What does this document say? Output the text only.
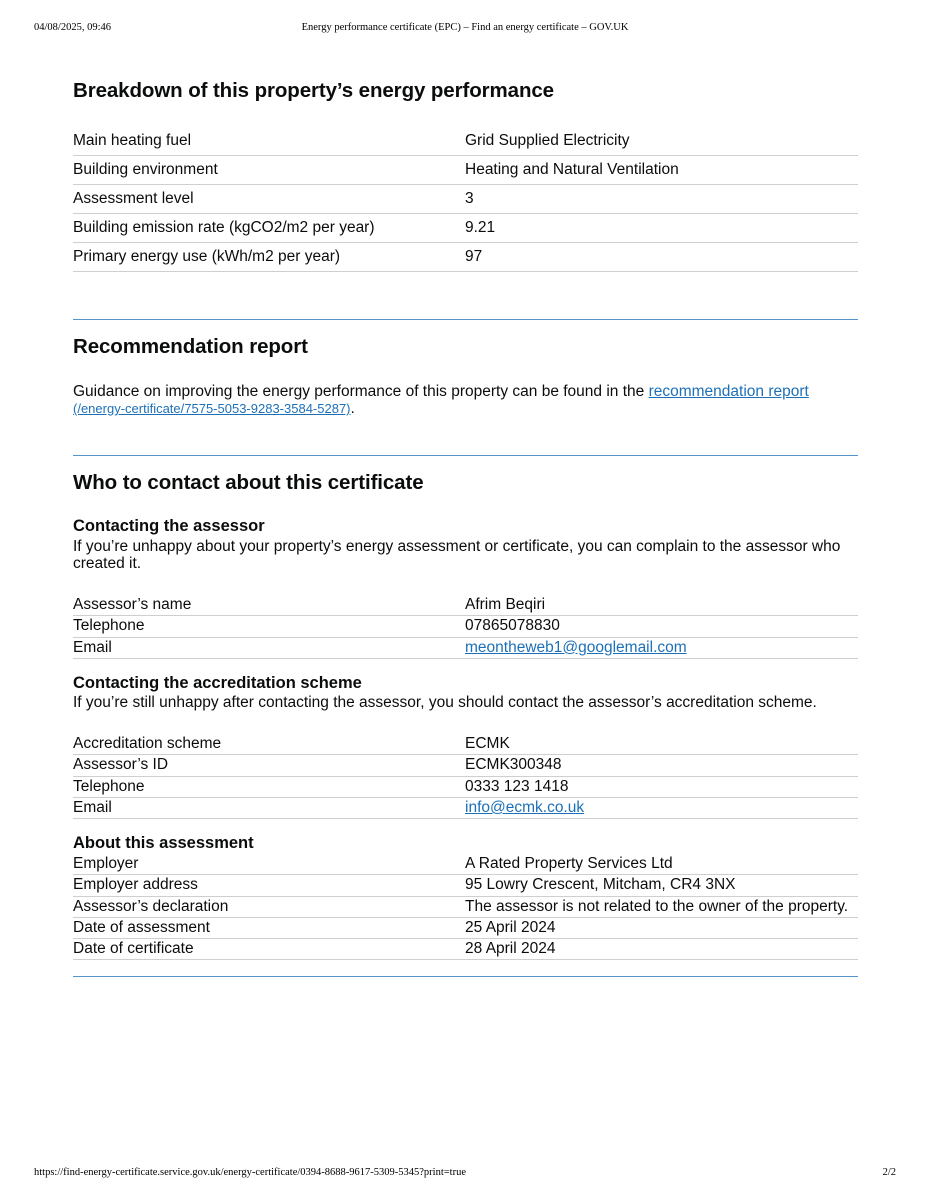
04/08/2025, 09:46	Energy performance certificate (EPC) – Find an energy certificate – GOV.UK
Breakdown of this property’s energy performance
Main heating fuel	Grid Supplied Electricity
Building environment	Heating and Natural Ventilation
Assessment level	3
Building emission rate (kgCO2/m2 per year)	9.21
Primary energy use (kWh/m2 per year)	97
Recommendation report
Guidance on improving the energy performance of this property can be found in the recommendation report
(/energy-certificate/7575-5053-9283-3584-5287).
Who to contact about this certificate
Contacting the assessor
If you’re unhappy about your property’s energy assessment or certificate, you can complain to the assessor who created it.
Assessor’s name	Afrim Beqiri
Telephone	07865078830
Email	meontheweb1@googlemail.com
Contacting the accreditation scheme
If you’re still unhappy after contacting the assessor, you should contact the assessor’s accreditation scheme.
Accreditation scheme	ECMK
Assessor’s ID	ECMK300348
Telephone	0333 123 1418
Email	info@ecmk.co.uk
About this assessment
Employer	A Rated Property Services Ltd
Employer address	95 Lowry Crescent, Mitcham, CR4 3NX
Assessor’s declaration	The assessor is not related to the owner of the property.
Date of assessment	25 April 2024
Date of certificate	28 April 2024
https://find-energy-certificate.service.gov.uk/energy-certificate/0394-8688-9617-5309-5345?print=true	2/2
